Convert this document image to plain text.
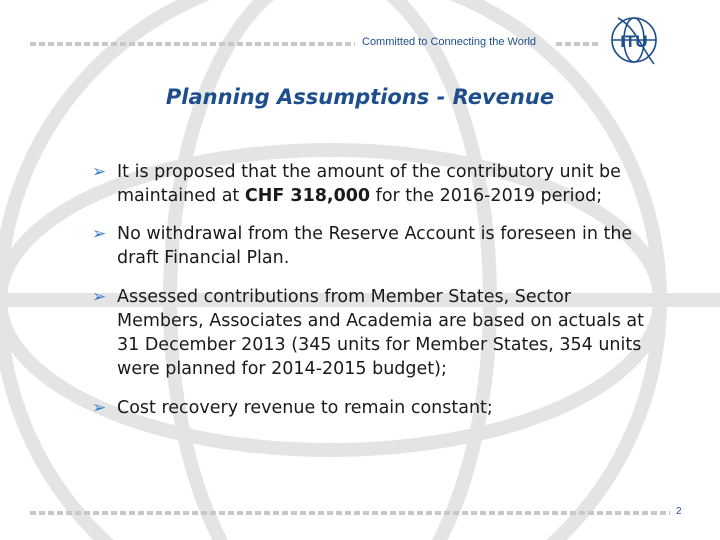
Committed to Connecting the World	ITU
Planning Assumptions - Revenue
➢ It is proposed that the amount of the contributory unit be maintained at CHF 318,000 for the 2016-2019 period;
➢ No withdrawal from the Reserve Account is foreseen in the draft Financial Plan.
➢ Assessed contributions from Member States, Sector Members, Associates and Academia are based on actuals at 31 December 2013 (345 units for Member States, 354 units were planned for 2014-2015 budget);
➢ Cost recovery revenue to remain constant;
2
